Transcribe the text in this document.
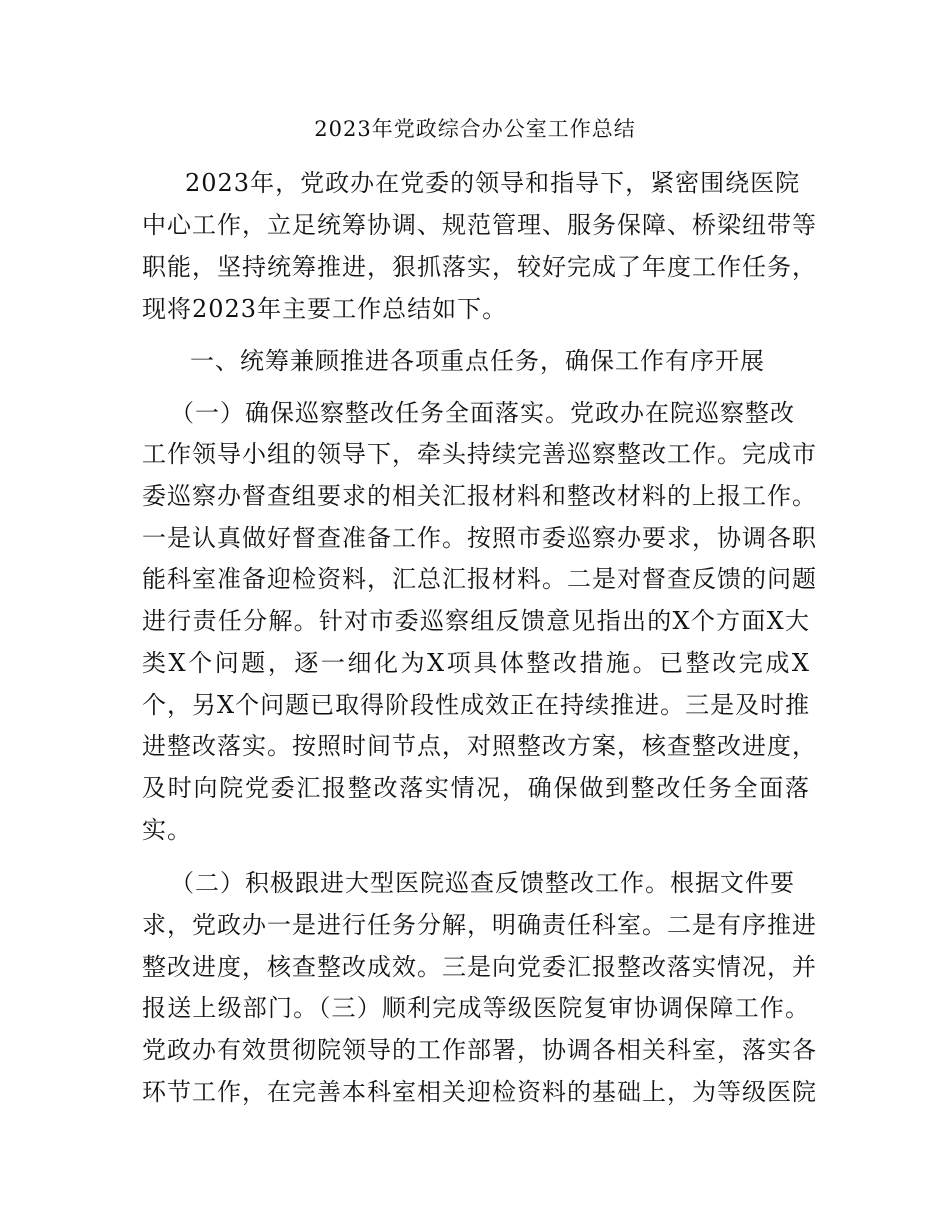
2023年党政综合办公室工作总结
2023年，党政办在党委的领导和指导下，紧密围绕医院
中心工作，立足统筹协调、规范管理、服务保障、桥梁纽带等
职能，坚持统筹推进，狠抓落实，较好完成了年度工作任务，
现将2023年主要工作总结如下。
一、统筹兼顾推进各项重点任务，确保工作有序开展
（一）确保巡察整改任务全面落实。党政办在院巡察整改
工作领导小组的领导下，牵头持续完善巡察整改工作。完成市
委巡察办督查组要求的相关汇报材料和整改材料的上报工作。
一是认真做好督查准备工作。按照市委巡察办要求，协调各职
能科室准备迎检资料，汇总汇报材料。二是对督查反馈的问题
进行责任分解。针对市委巡察组反馈意见指出的X个方面X大
类X个问题，逐一细化为X项具体整改措施。已整改完成X
个，另X个问题已取得阶段性成效正在持续推进。三是及时推
进整改落实。按照时间节点，对照整改方案，核查整改进度，
及时向院党委汇报整改落实情况，确保做到整改任务全面落
实。
（二）积极跟进大型医院巡查反馈整改工作。根据文件要
求，党政办一是进行任务分解，明确责任科室。二是有序推进
整改进度，核查整改成效。三是向党委汇报整改落实情况，并
报送上级部门。（三）顺利完成等级医院复审协调保障工作。
党政办有效贯彻院领导的工作部署，协调各相关科室，落实各
环节工作，在完善本科室相关迎检资料的基础上，为等级医院
